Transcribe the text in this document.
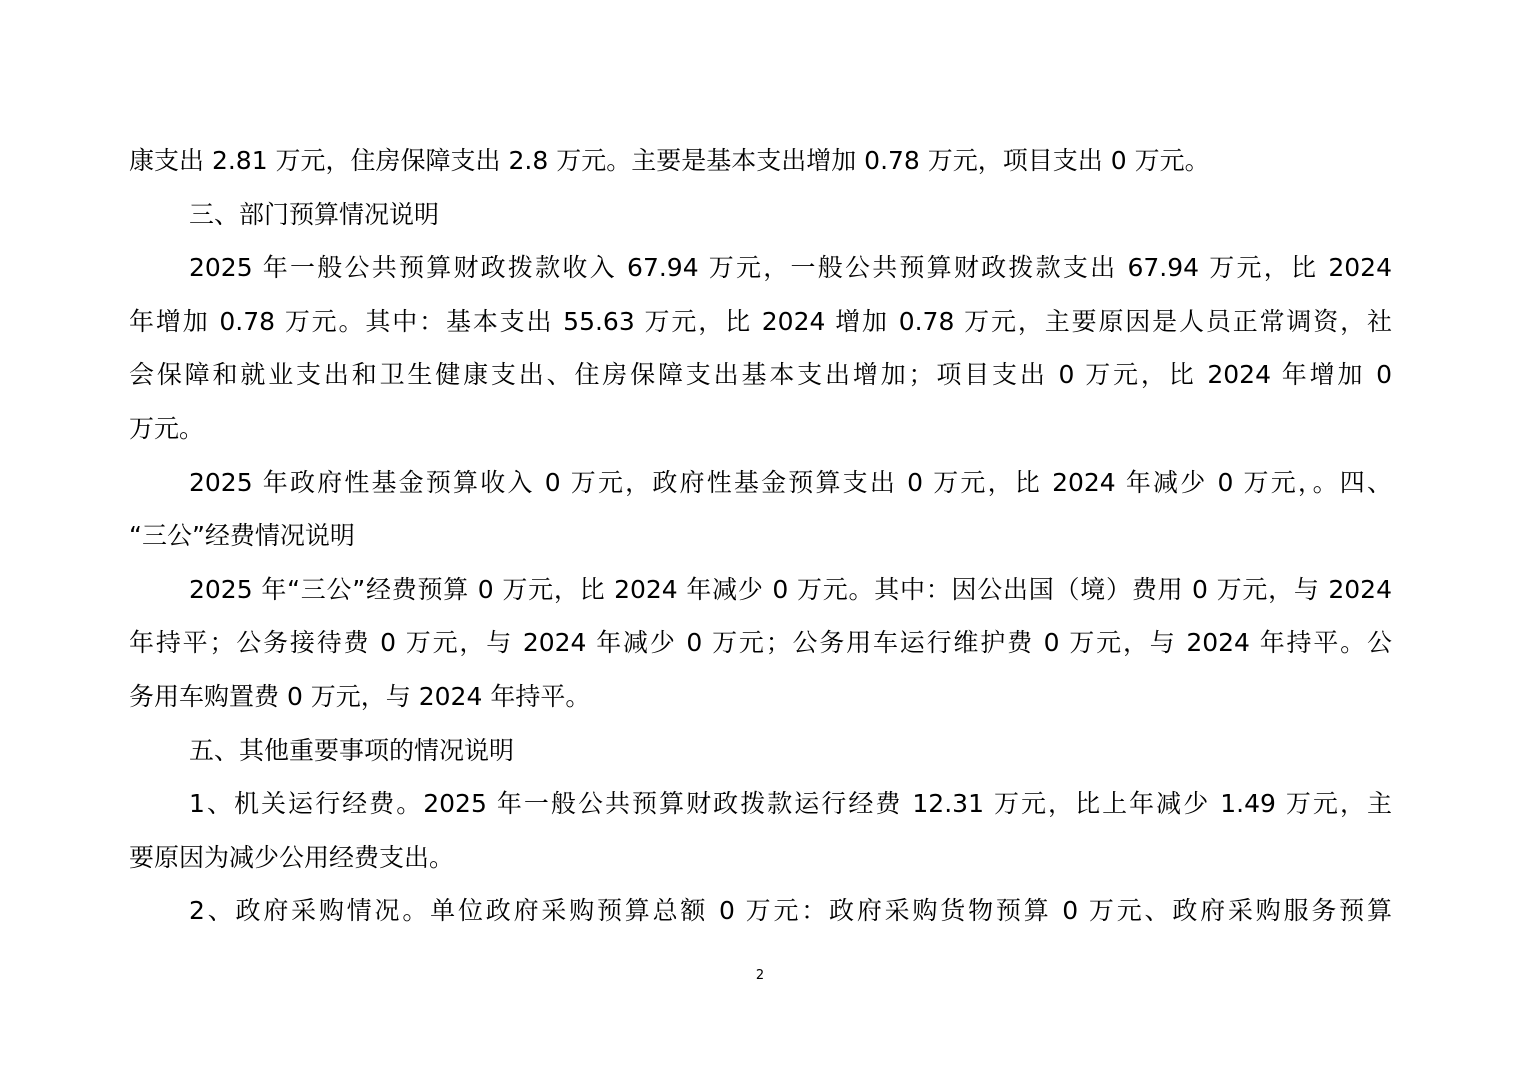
康支出 2.81 万元，住房保障支出 2.8 万元。主要是基本支出增加 0.78 万元，项目支出 0 万元。
三、部门预算情况说明
2025 年一般公共预算财政拨款收入 67.94 万元，一般公共预算财政拨款支出 67.94 万元，比 2024
年增加 0.78 万元。其中：基本支出 55.63 万元，比 2024 增加 0.78 万元，主要原因是人员正常调资，社
会保障和就业支出和卫生健康支出、住房保障支出基本支出增加；项目支出 0 万元，比 2024 年增加 0
万元。
2025 年政府性基金预算收入 0 万元，政府性基金预算支出 0 万元，比 2024 年减少 0 万元，。四、
“三公”经费情况说明
2025 年“三公”经费预算 0 万元，比 2024 年减少 0 万元。其中：因公出国（境）费用 0 万元，与 2024
年持平；公务接待费 0 万元，与 2024 年减少 0 万元；公务用车运行维护费 0 万元，与 2024 年持平。公
务用车购置费 0 万元，与 2024 年持平。
五、其他重要事项的情况说明
1、机关运行经费。2025 年一般公共预算财政拨款运行经费 12.31 万元，比上年减少 1.49 万元，主
要原因为减少公用经费支出。
2、政府采购情况。单位政府采购预算总额 0 万元：政府采购货物预算 0 万元、政府采购服务预算
2
